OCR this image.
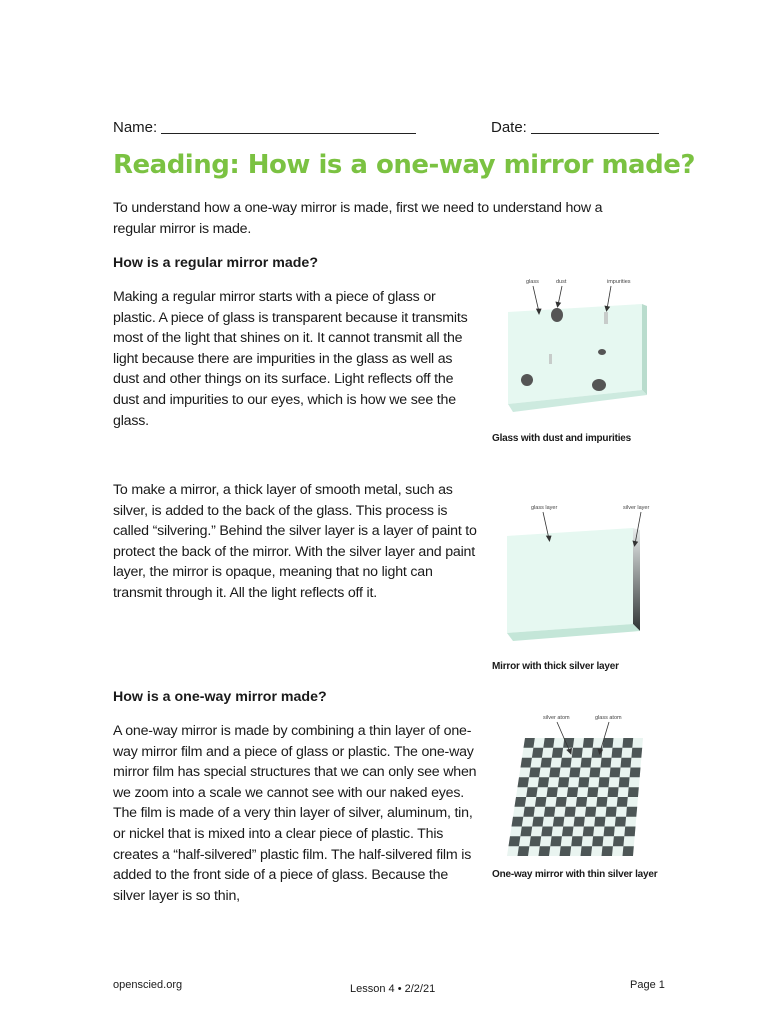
Name:	Date:
Reading: How is a one-way mirror made?
To understand how a one-way mirror is made, first we need to understand how a regular mirror is made.
How is a regular mirror made?
Making a regular mirror starts with a piece of glass or plastic. A piece of glass is transparent because it transmits most of the light that shines on it. It cannot transmit all the light because there are impurities in the glass as well as dust and other things on its surface. Light reflects off the dust and impurities to our eyes, which is how we see the glass.
glass	dust	impurities
Glass with dust and impurities
To make a mirror, a thick layer of smooth metal, such as silver, is added to the back of the glass. This process is called “silvering.” Behind the silver layer is a layer of paint to protect the back of the mirror. With the silver layer and paint layer, the mirror is opaque, meaning that no light can transmit through it. All the light reflects off it.
glass layer	silver layer
Mirror with thick silver layer
How is a one-way mirror made?
A one-way mirror is made by combining a thin layer of one-way mirror film and a piece of glass or plastic. The one-way mirror film has special structures that we can only see when we zoom into a scale we cannot see with our naked eyes. The film is made of a very thin layer of silver, aluminum, tin, or nickel that is mixed into a clear piece of plastic. This creates a “half-silvered” plastic film. The half-silvered film is added to the front side of a piece of glass. Because the silver layer is so thin,
silver atom	glass atom
One-way mirror with thin silver layer
openscied.org	Lesson 4 • 2/2/21	Page 1
